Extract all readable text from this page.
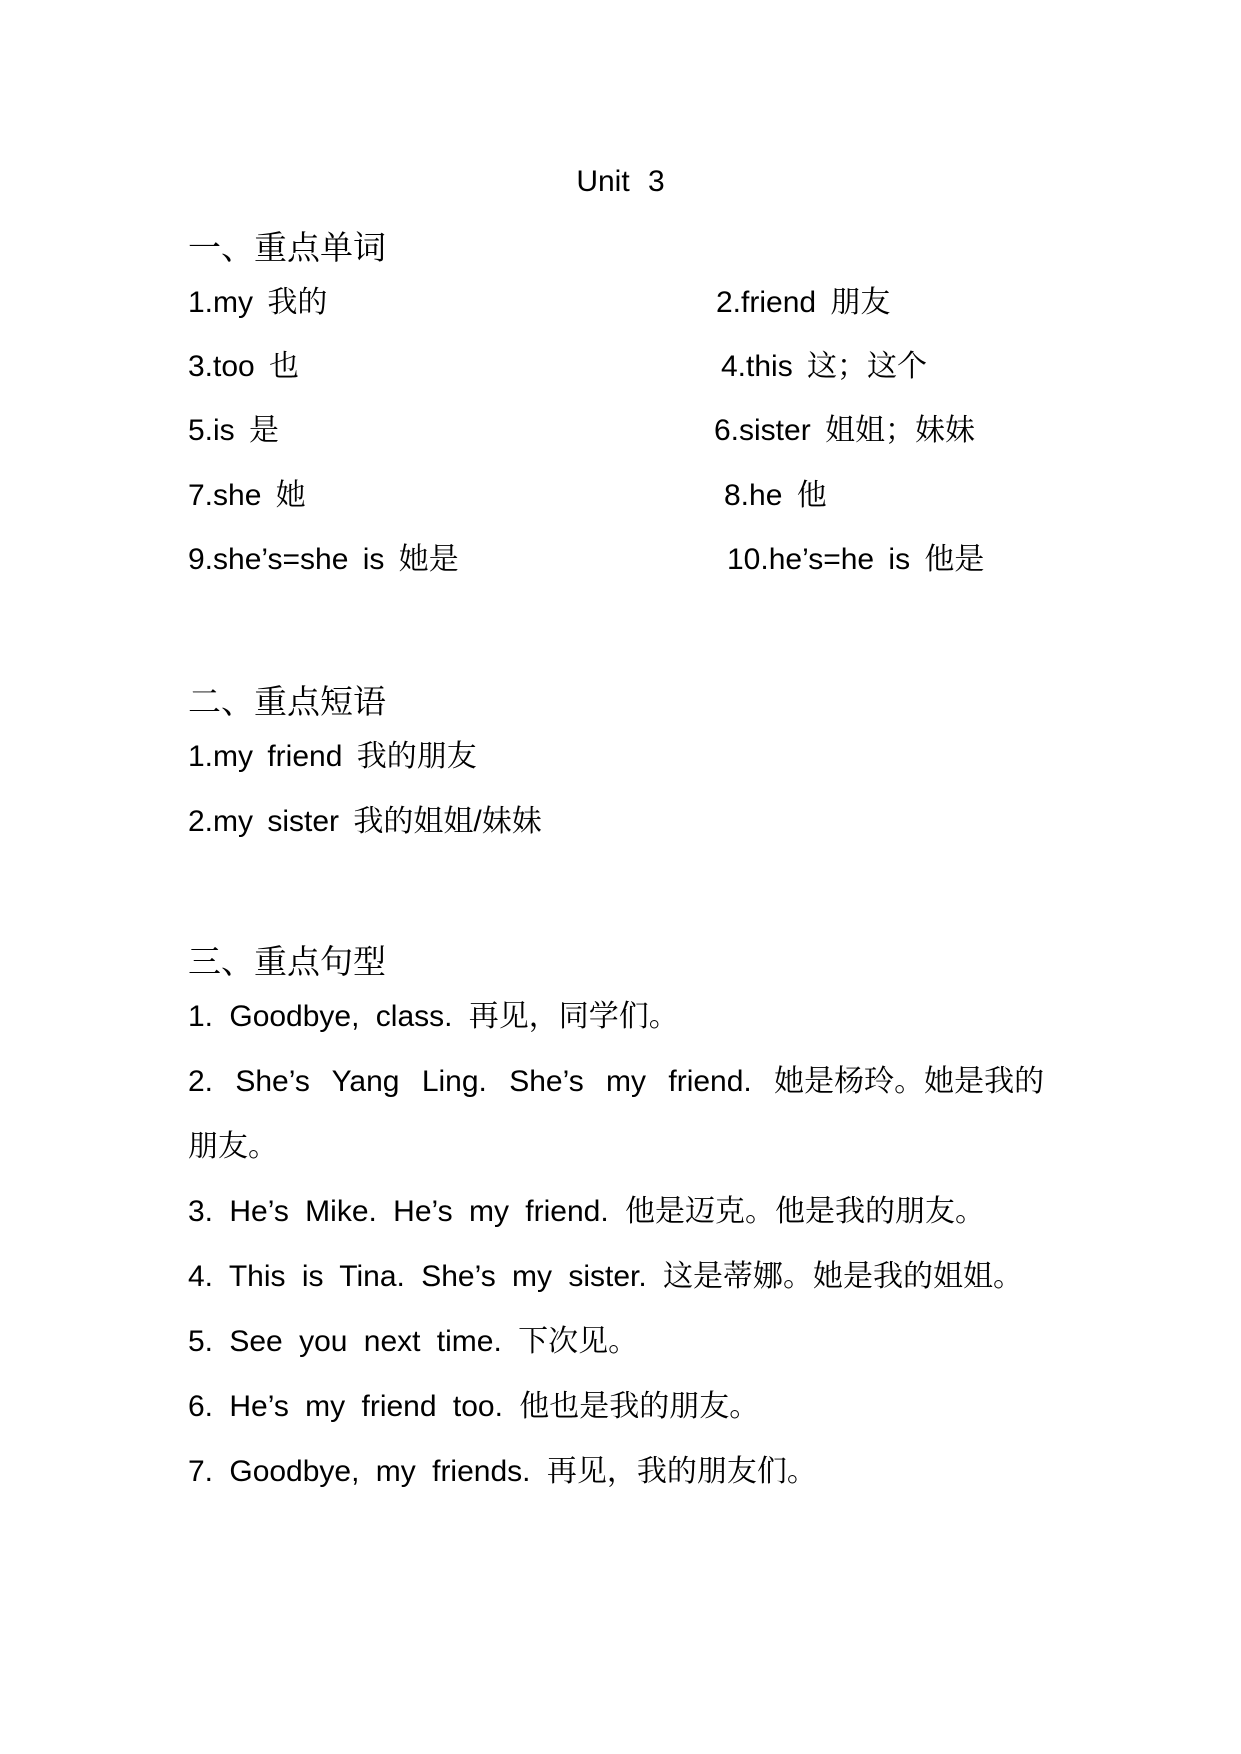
Unit 3
一、重点单词
1.my 我的	2.friend 朋友
3.too 也	4.this 这；这个
5.is 是	6.sister 姐姐；妹妹
7.she 她	8.he 他
9.she’s=she is 她是	10.he’s=he is 他是
二、重点短语
1.my friend 我的朋友
2.my sister 我的姐姐/妹妹
三、重点句型
1. Goodbye, class. 再见，同学们。
2. She’s Yang Ling. She’s my friend. 她是杨玲。她是我的
朋友。
3. He’s Mike. He’s my friend. 他是迈克。他是我的朋友。
4. This is Tina. She’s my sister. 这是蒂娜。她是我的姐姐。
5. See you next time. 下次见。
6. He’s my friend too. 他也是我的朋友。
7. Goodbye, my friends. 再见，我的朋友们。
